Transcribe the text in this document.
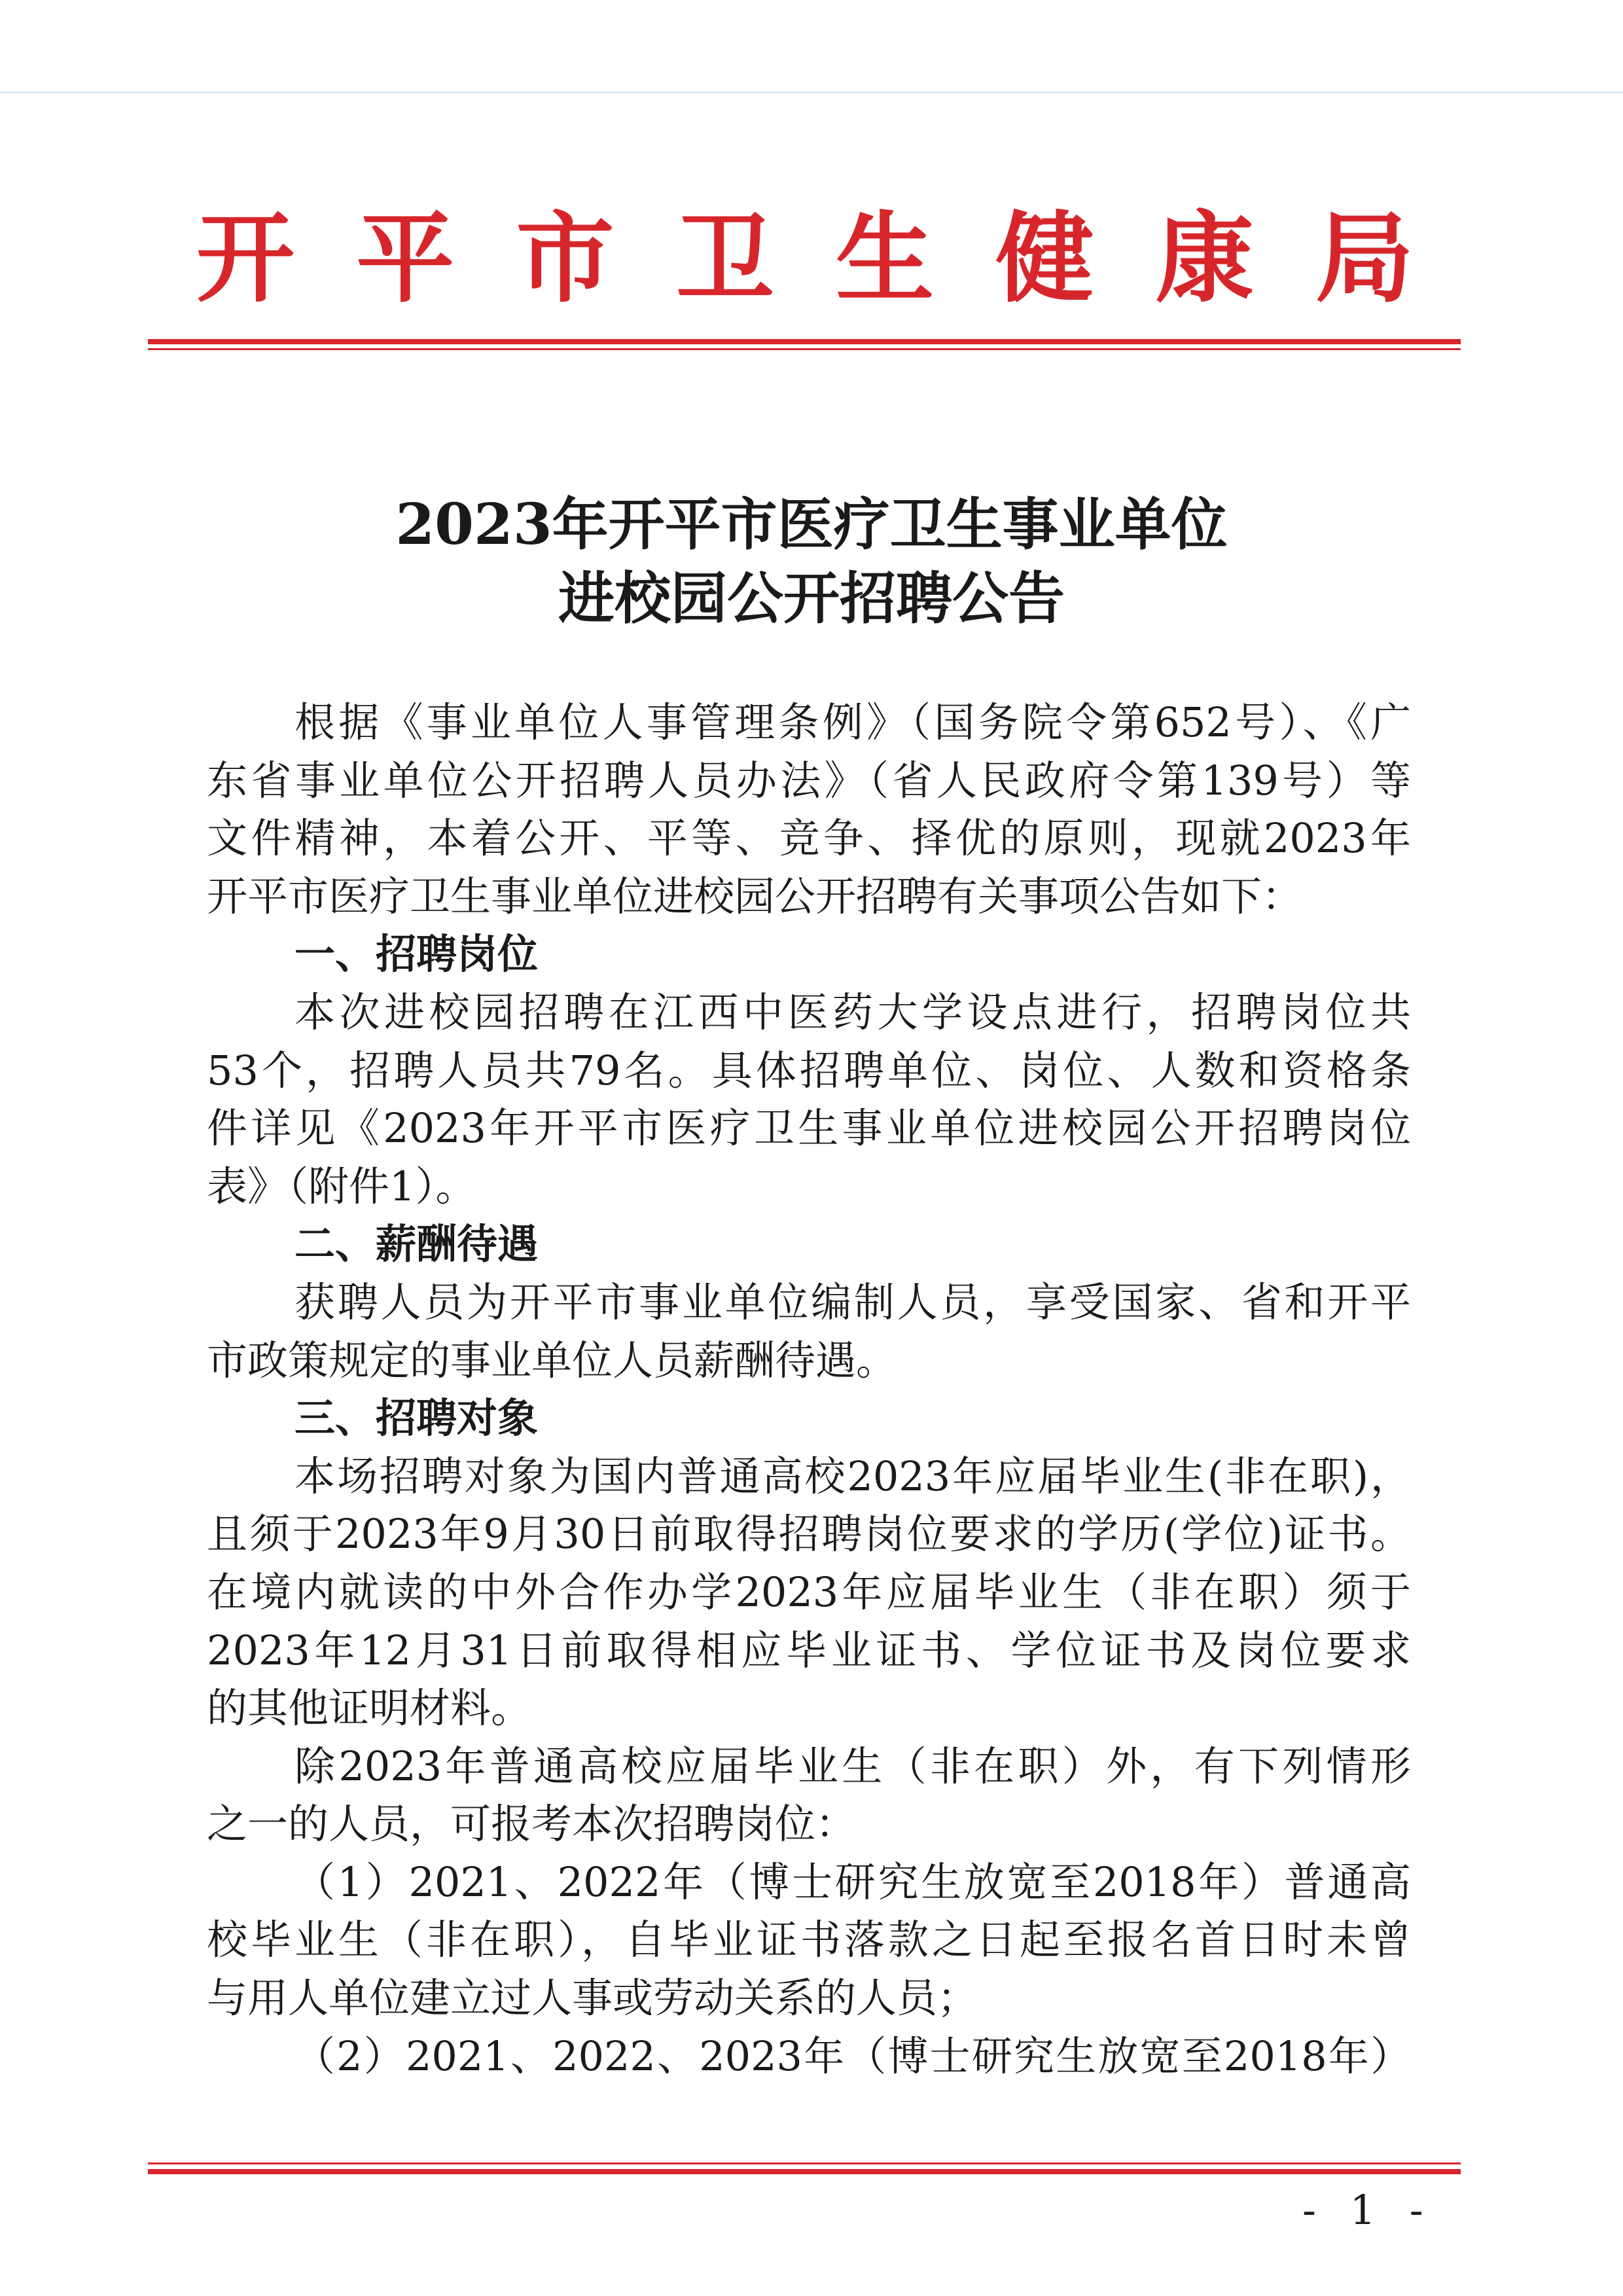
开 平 市 卫 生 健 康 局
2023年开平市医疗卫生事业单位
进校园公开招聘公告
根据《事业单位人事管理条例》（国务院令第652号）、《广
东省事业单位公开招聘人员办法》（省人民政府令第139号）等
文件精神，本着公开、平等、竞争、择优的原则，现就2023年
开平市医疗卫生事业单位进校园公开招聘有关事项公告如下：
一、招聘岗位
本次进校园招聘在江西中医药大学设点进行，招聘岗位共
53个，招聘人员共79名。具体招聘单位、岗位、人数和资格条
件详见《2023年开平市医疗卫生事业单位进校园公开招聘岗位
表》（附件1）。
二、薪酬待遇
获聘人员为开平市事业单位编制人员，享受国家、省和开平
市政策规定的事业单位人员薪酬待遇。
三、招聘对象
本场招聘对象为国内普通高校2023年应届毕业生(非在职)，
且须于2023年9月30日前取得招聘岗位要求的学历(学位)证书。
在境内就读的中外合作办学2023年应届毕业生（非在职）须于
2023年12月31日前取得相应毕业证书、学位证书及岗位要求
的其他证明材料。
除2023年普通高校应届毕业生（非在职）外，有下列情形
之一的人员，可报考本次招聘岗位：
（1）2021、2022年（博士研究生放宽至2018年）普通高
校毕业生（非在职），自毕业证书落款之日起至报名首日时未曾
与用人单位建立过人事或劳动关系的人员；
（2）2021、2022、2023年（博士研究生放宽至2018年）
- 1 -
